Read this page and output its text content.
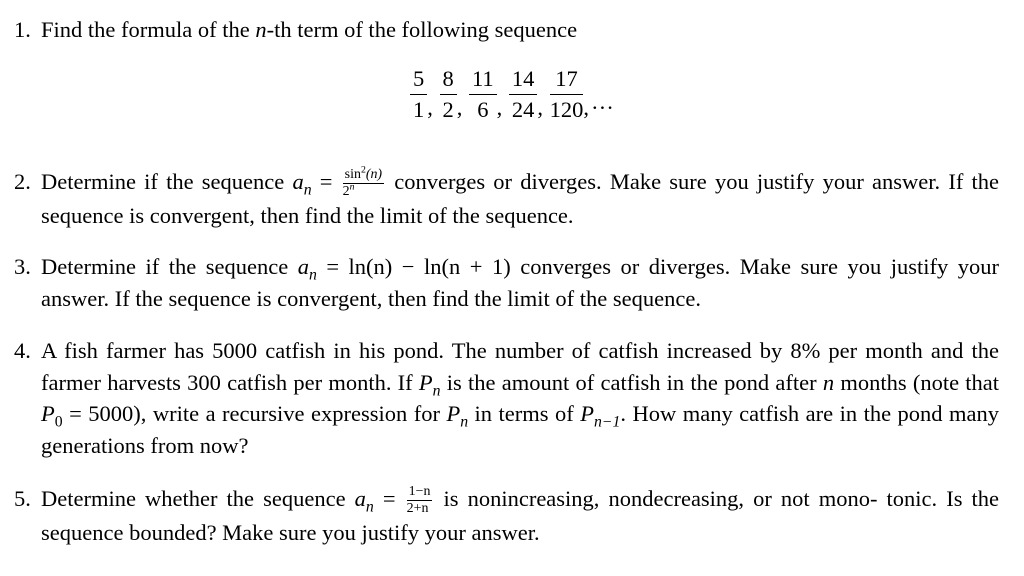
1. Find the formula of the n-th term of the following sequence
$\frac{5}{1}$ , $\frac{8}{2}$ , $\frac{11}{6}$ , $\frac{14}{24}$ , $\frac{17}{120}$ , ...
2. Determine if the sequence $a_n = \frac{\sin^2(n)}{2^n}$ converges or diverges. Make sure you justify your answer. If the sequence is convergent, then find the limit of the sequence.
3. Determine if the sequence $a_n = \ln(n) - \ln(n + 1)$ converges or diverges. Make sure you justify your answer. If the sequence is convergent, then find the limit of the sequence.
4. A fish farmer has 5000 catfish in his pond. The number of catfish increased by 8% per month and the farmer harvests 300 catfish per month. If $P_n$ is the amount of catfish in the pond after n months (note that $P_0 = 5000$), write a recursive expression for $P_n$ in terms of $P_{n-1}$. How many catfish are in the pond many generations from now?
5. Determine whether the sequence $a_n = \frac{1-n}{2+n}$ is nonincreasing, nondecreasing, or not mono- tonic. Is the sequence bounded? Make sure you justify your answer.
